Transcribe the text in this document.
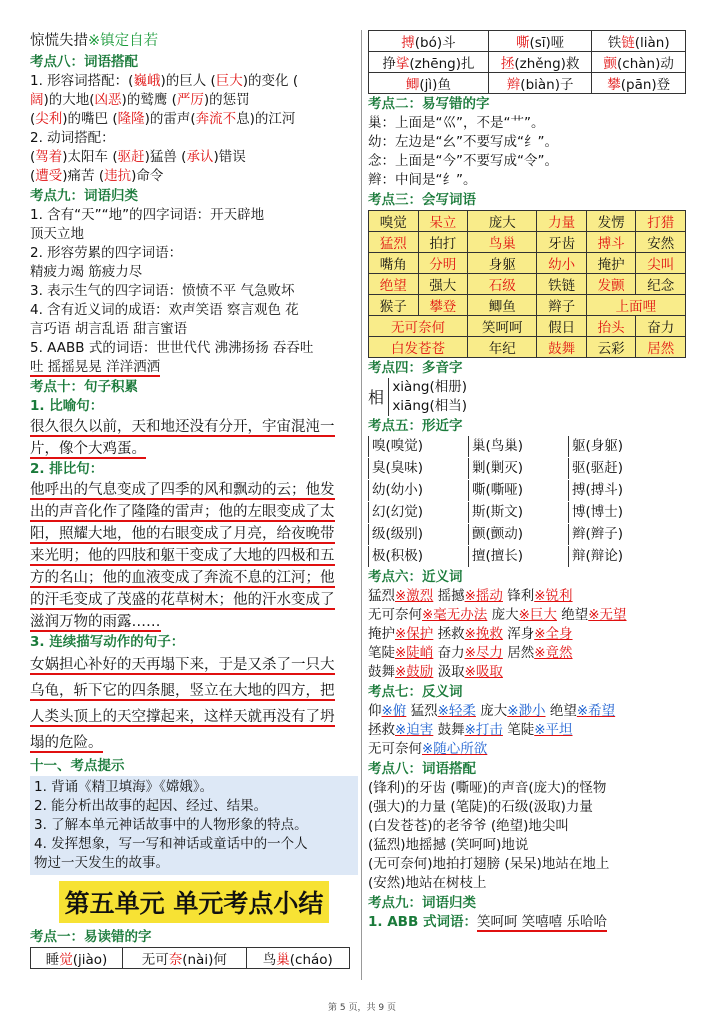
惊慌失措※镇定自若
考点八：词语搭配
1. 形容词搭配：(巍峨)的巨人 (巨大)的变化 (
阔)的大地(凶恶)的鹫鹰 (严厉)的惩罚
(尖利)的嘴巴 (隆隆)的雷声(奔流不息)的江河
2. 动词搭配：
(驾着)太阳车 (驱赶)猛兽 (承认)错误
(遭受)痛苦 (违抗)命令
考点九：词语归类
1. 含有“天”“地”的四字词语：开天辟地
顶天立地
2. 形容劳累的四字词语：
精疲力竭 筋疲力尽
3. 表示生气的四字词语：愤愤不平 气急败坏
4. 含有近义词的成语：欢声笑语 察言观色 花
言巧语 胡言乱语 甜言蜜语
5. AABB 式的词语：世世代代 沸沸扬扬 吞吞吐
吐 摇摇晃晃 洋洋洒洒
考点十：句子积累
1. 比喻句：
很久很久以前，天和地还没有分开，宇宙混沌一
片，像个大鸡蛋。
2. 排比句：
他呼出的气息变成了四季的风和飘动的云；他发
出的声音化作了隆隆的雷声；他的左眼变成了太
阳，照耀大地，他的右眼变成了月亮，给夜晚带
来光明；他的四肢和躯干变成了大地的四极和五
方的名山；他的血液变成了奔流不息的江河；他
的汗毛变成了茂盛的花草树木；他的汗水变成了
滋润万物的雨露……
3. 连续描写动作的句子：
女娲担心补好的天再塌下来，于是又杀了一只大
乌龟，斩下它的四条腿，竖立在大地的四方，把
人类头顶上的天空撑起来，这样天就再没有了坍
塌的危险。
十一、考点提示
1. 背诵《精卫填海》《嫦娥》。
2. 能分析出故事的起因、经过、结果。
3. 了解本单元神话故事中的人物形象的特点。
4. 发挥想象，写一写和神话或童话中的一个人
物过一天发生的故事。
第五单元 单元考点小结
考点一：易读错的字
睡觉(jiào)	无可奈(nài)何	鸟巢(cháo)
搏(bó)斗	嘶(sī)哑	铁链(liàn)
挣挲(zhēng)扎	拯(zhěng)救	颤(chàn)动
鲫(jì)鱼	辫(biàn)子	攀(pān)登
考点二：易写错的字
巢：上面是“巛”，不是“艹”。
幼：左边是“幺”不要写成“纟”。
念：上面是“今”不要写成“令”。
辫：中间是“纟”。
考点三：会写词语
嗅觉	呆立	庞大	力量	发愣	打猎
猛烈	拍打	鸟巢	牙齿	搏斗	安然
嘴角	分明	身躯	幼小	掩护	尖叫
绝望	强大	石级	铁链	发颤	纪念
猴子	攀登	鲫鱼	辫子	上面哩	
无可奈何		笑呵呵	假日	抬头	奋力
白发苍苍		年纪	鼓舞	云彩	居然
考点四：多音字
相
xiàng(相册)
xiāng(相当)
考点五：形近字
嗅(嗅觉)	巢(鸟巢)	躯(身躯)
臭(臭味)	剿(剿灭)	驱(驱赶)
幼(幼小)	嘶(嘶哑)	搏(搏斗)
幻(幻觉)	斯(斯文)	博(博士)
级(级别)	颤(颤动)	辫(辫子)
极(积极)	擅(擅长)	辩(辩论)
考点六：近义词
猛烈※激烈 摇撼※摇动 锋利※锐利
无可奈何※毫无办法 庞大※巨大 绝望※无望
掩护※保护 拯救※挽救 浑身※全身
笔陡※陡峭 奋力※尽力 居然※竟然
鼓舞※鼓励 汲取※吸取
考点七：反义词
仰※俯 猛烈※轻柔 庞大※渺小 绝望※希望
拯救※迫害 鼓舞※打击 笔陡※平坦
无可奈何※随心所欲
考点八：词语搭配
(锋利)的牙齿 (嘶哑)的声音(庞大)的怪物
(强大)的力量 (笔陡)的石级(汲取)力量
(白发苍苍)的老爷爷 (绝望)地尖叫
(猛烈)地摇撼 (笑呵呵)地说
(无可奈何)地拍打翅膀 (呆呆)地站在地上
(安然)地站在树枝上
考点九：词语归类
1. ABB 式词语：笑呵呵 笑嘻嘻 乐哈哈
第 5 页，共 9 页
